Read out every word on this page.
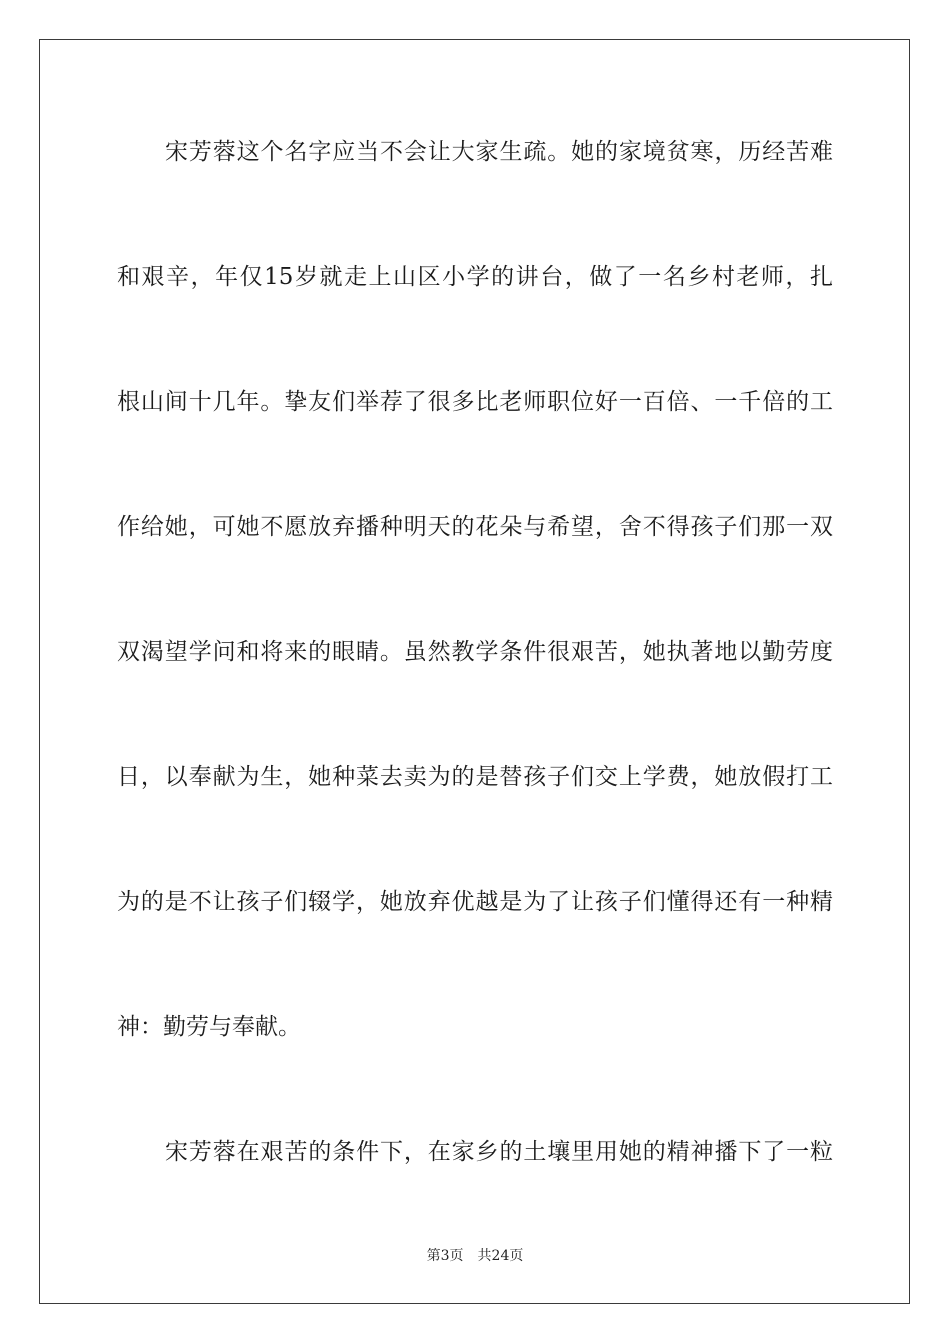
宋芳蓉这个名字应当不会让大家生疏。她的家境贫寒，历经苦难
和艰辛，年仅15岁就走上山区小学的讲台，做了一名乡村老师，扎
根山间十几年。挚友们举荐了很多比老师职位好一百倍、一千倍的工
作给她，可她不愿放弃播种明天的花朵与希望，舍不得孩子们那一双
双渴望学问和将来的眼睛。虽然教学条件很艰苦，她执著地以勤劳度
日，以奉献为生，她种菜去卖为的是替孩子们交上学费，她放假打工
为的是不让孩子们辍学，她放弃优越是为了让孩子们懂得还有一种精
神：勤劳与奉献。
宋芳蓉在艰苦的条件下，在家乡的土壤里用她的精神播下了一粒
第3页 共24页
